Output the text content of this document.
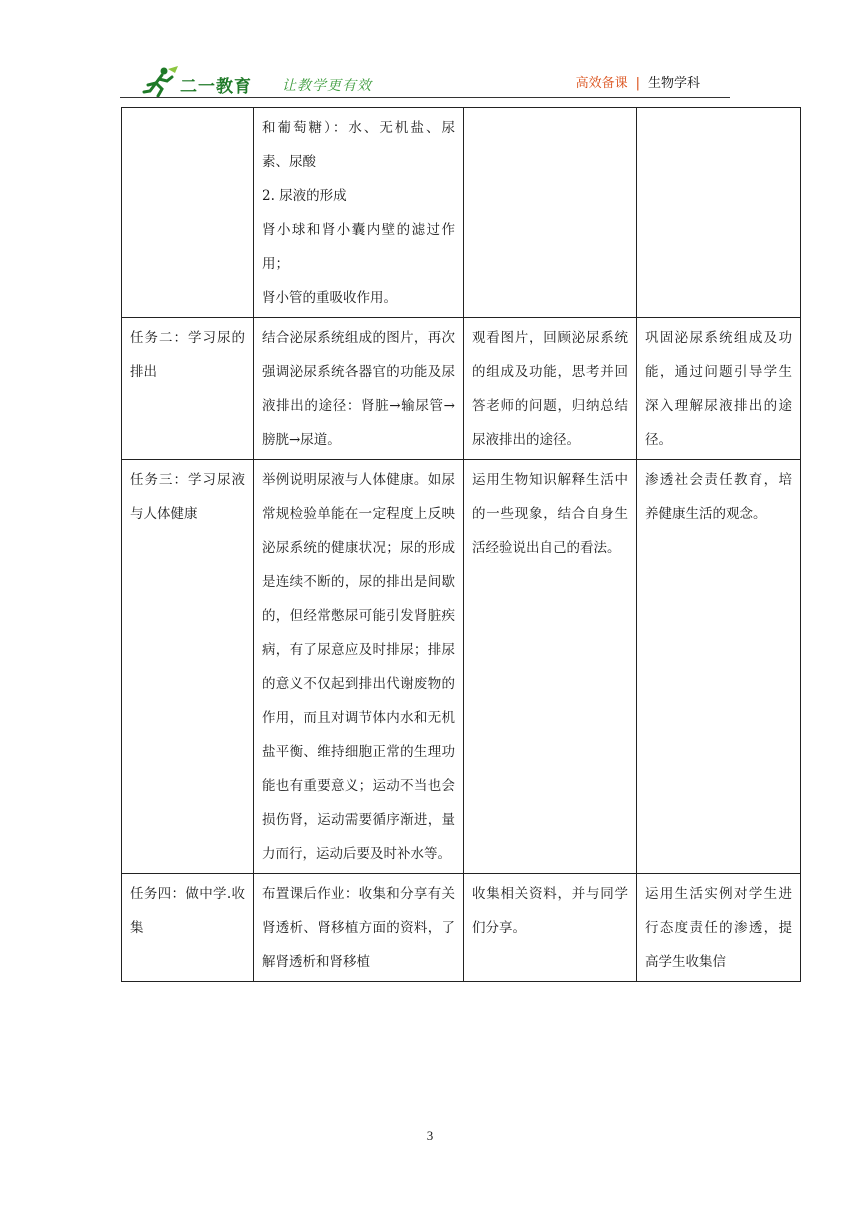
二一教育 让教学更有效	高效备课 | 生物学科

	和葡萄糖）：水、无机盐、尿素、尿酸
2. 尿液的形成
肾小球和肾小囊内壁的滤过作用；
肾小管的重吸收作用。		

任务二：学习尿的排出	结合泌尿系统组成的图片，再次强调泌尿系统各器官的功能及尿液排出的途径：肾脏→输尿管→膀胱→尿道。	观看图片，回顾泌尿系统的组成及功能，思考并回答老师的问题，归纳总结尿液排出的途径。	巩固泌尿系统组成及功能，通过问题引导学生深入理解尿液排出的途径。
任务三：学习尿液与人体健康	举例说明尿液与人体健康。如尿常规检验单能在一定程度上反映泌尿系统的健康状况；尿的形成是连续不断的，尿的排出是间歇的，但经常憋尿可能引发肾脏疾病，有了尿意应及时排尿；排尿的意义不仅起到排出代谢废物的作用，而且对调节体内水和无机盐平衡、维持细胞正常的生理功能也有重要意义；运动不当也会损伤肾，运动需要循序渐进，量力而行，运动后要及时补水等。	运用生物知识解释生活中的一些现象，结合自身生活经验说出自己的看法。	渗透社会责任教育，培养健康生活的观念。
任务四：做中学.收集	布置课后作业：收集和分享有关肾透析、肾移植方面的资料，了解肾透析和肾移植	收集相关资料，并与同学们分享。	运用生活实例对学生进行态度责任的渗透，提高学生收集信
3
